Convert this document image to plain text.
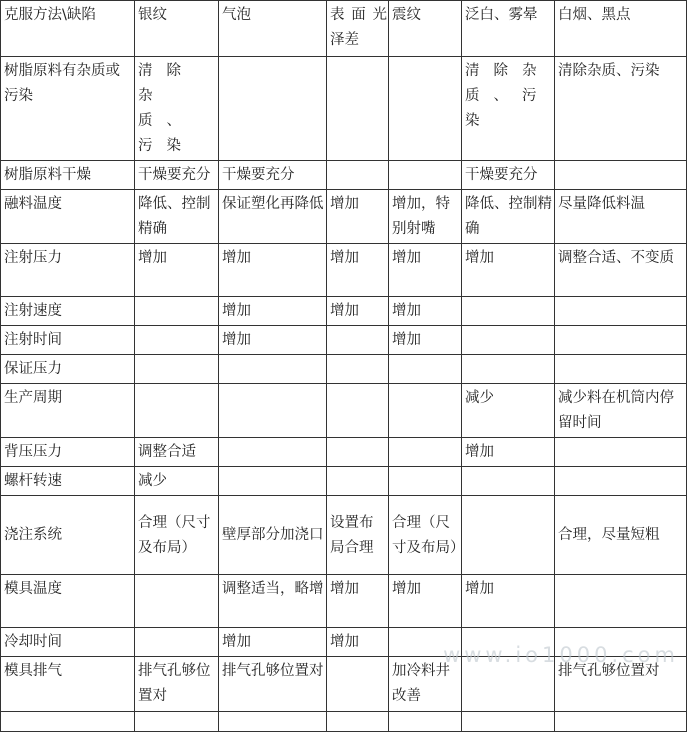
克服方法\缺陷	银纹	气泡	表面光泽差	震纹	泛白、雾晕	白烟、黑点
树脂原料有杂质或污染	清除杂质、污染				清除杂质、污染	清除杂质、污染
树脂原料干燥	干燥要充分	干燥要充分			干燥要充分	
融料温度	降低、控制精确	保证塑化再降低	增加	增加，特别射嘴	降低、控制精确	尽量降低料温
注射压力	增加	增加	增加	增加	增加	调整合适、不变质
注射速度		增加	增加	增加		
注射时间		增加		增加		
保证压力						
生产周期					减少	减少料在机筒内停留时间
背压压力	调整合适				增加	
螺杆转速	减少					
浇注系统	合理（尺寸及布局）	壁厚部分加浇口	设置布局合理	合理（尺寸及布局）		合理，尽量短粗
模具温度		调整适当，略增	增加	增加	增加	
冷却时间		增加	增加			
模具排气	排气孔够位置对	排气孔够位置对		加冷料井改善		排气孔够位置对

www.io1000.com
